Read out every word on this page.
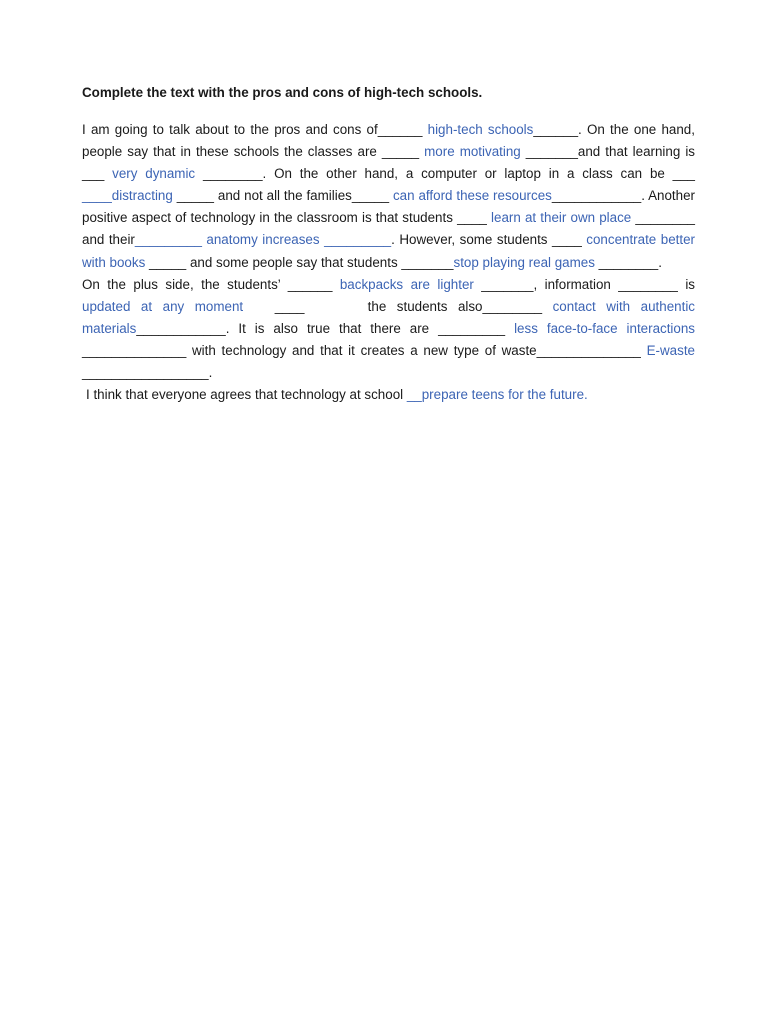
Complete the text with the pros and cons of high-tech schools.
I am going to talk about to the pros and cons of______ high-tech schools______. On the one hand, people say that in these schools the classes are _____ more motivating _______and that learning is ___ very dynamic ________. On the other hand, a computer or laptop in a class can be ___ ____distracting _____ and not all the families_____ can afford these resources____________. Another positive aspect of technology in the classroom is that students ____ learn at their own place ________ and their_________ anatomy increases _________. However, some students ____ concentrate better with books _____ and some people say that students _______stop playing real games ________.
On the plus side, the students’ ______ backpacks are lighter _______, information ________ is updated at any moment   ____      the students also________ contact with authentic materials____________. It is also true that there are _________ less face-to-face interactions ______________ with technology and that it creates a new type of waste______________ E-waste _________________.
I think that everyone agrees that technology at school __prepare teens for the future.
